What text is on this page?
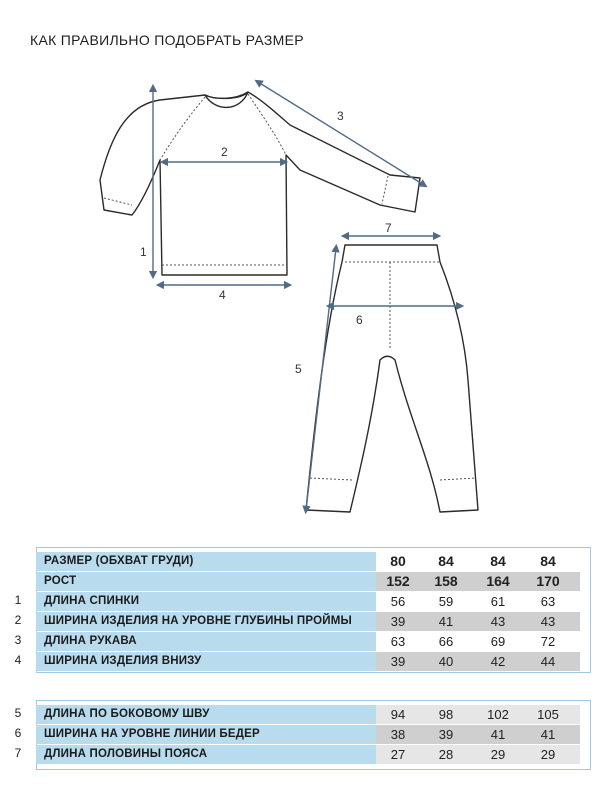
КАК ПРАВИЛЬНО ПОДОБРАТЬ РАЗМЕР
1
2
3
4
7
6
5
РАЗМЕР (ОБХВАТ ГРУДИ)	80	84	84	84
РОСТ	152	158	164	170
1	ДЛИНА СПИНКИ	56	59	61	63
2	ШИРИНА ИЗДЕЛИЯ НА УРОВНЕ ГЛУБИНЫ ПРОЙМЫ	39	41	43	43
3	ДЛИНА РУКАВА	63	66	69	72
4	ШИРИНА ИЗДЕЛИЯ ВНИЗУ	39	40	42	44
5	ДЛИНА ПО БОКОВОМУ ШВУ	94	98	102	105
6	ШИРИНА НА УРОВНЕ ЛИНИИ БЕДЕР	38	39	41	41
7	ДЛИНА ПОЛОВИНЫ ПОЯСА	27	28	29	29
